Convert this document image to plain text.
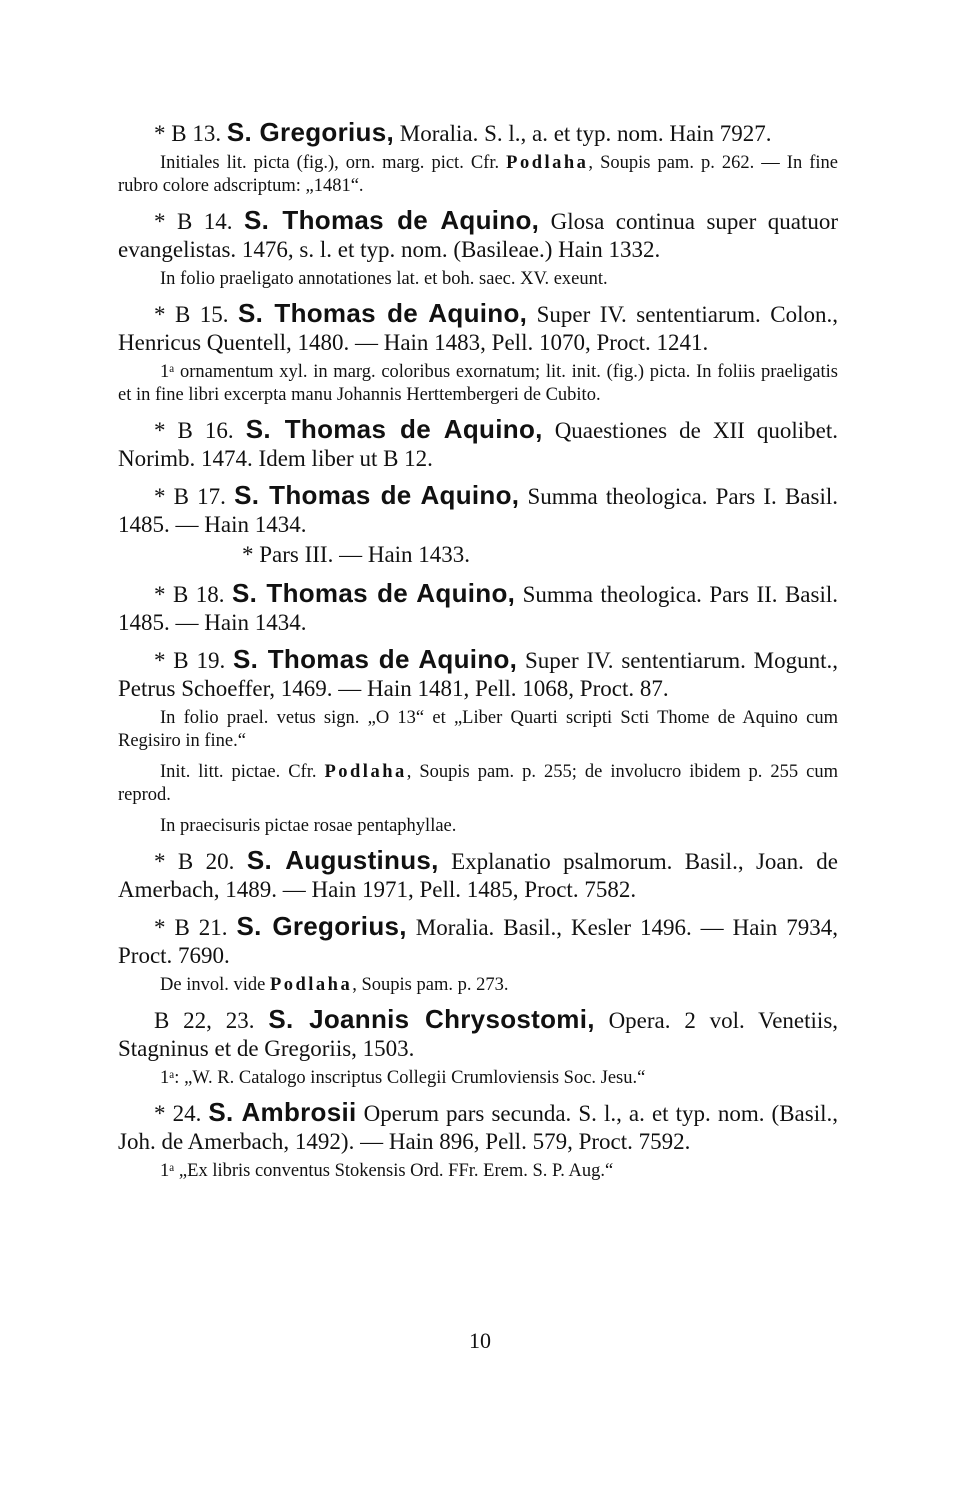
* B 13. S. Gregorius, Moralia. S. l., a. et typ. nom. Hain 7927.

Initiales lit. picta (fig.), orn. marg. pict. Cfr. Podlaha, Soupis pam. p. 262. — In fine rubro colore adscriptum: „1481“.

* B 14. S. Thomas de Aquino, Glosa continua super quatuor evangelistas. 1476, s. l. et typ. nom. (Basileae.) Hain 1332.

In folio praeligato annotationes lat. et boh. saec. XV. exeunt.

* B 15. S. Thomas de Aquino, Super IV. sententiarum. Colon., Henricus Quentell, 1480. — Hain 1483, Pell. 1070, Proct. 1241.

1ᵃ ornamentum xyl. in marg. coloribus exornatum; lit. init. (fig.) picta. In foliis praeligatis et in fine libri excerpta manu Johannis Herttembergeri de Cubito.

* B 16. S. Thomas de Aquino, Quaestiones de XII quolibet. Norimb. 1474. Idem liber ut B 12.

* B 17. S. Thomas de Aquino, Summa theologica. Pars I. Basil. 1485. — Hain 1434.

* Pars III. — Hain 1433.

* B 18. S. Thomas de Aquino, Summa theologica. Pars II. Basil. 1485. — Hain 1434.

* B 19. S. Thomas de Aquino, Super IV. sententiarum. Mogunt., Petrus Schoeffer, 1469. — Hain 1481, Pell. 1068, Proct. 87.

In folio prael. vetus sign. „O 13“ et „Liber Quarti scripti Scti Thome de Aquino cum Regisiro in fine.“

Init. litt. pictae. Cfr. Podlaha, Soupis pam. p. 255; de involucro ibidem p. 255 cum reprod.

In praecisuris pictae rosae pentaphyllae.

* B 20. S. Augustinus, Explanatio psalmorum. Basil., Joan. de Amerbach, 1489. — Hain 1971, Pell. 1485, Proct. 7582.

* B 21. S. Gregorius, Moralia. Basil., Kesler 1496. — Hain 7934, Proct. 7690.

De invol. vide Podlaha, Soupis pam. p. 273.

B 22, 23. S. Joannis Chrysostomi, Opera. 2 vol. Venetiis, Stagninus et de Gregoriis, 1503.

1ᵃ: „W. R. Catalogo inscriptus Collegii Crumloviensis Soc. Jesu.“

* 24. S. Ambrosii Operum pars secunda. S. l., a. et typ. nom. (Basil., Joh. de Amerbach, 1492). — Hain 896, Pell. 579, Proct. 7592.

1ᵃ „Ex libris conventus Stokensis Ord. FFr. Erem. S. P. Aug.“

10
